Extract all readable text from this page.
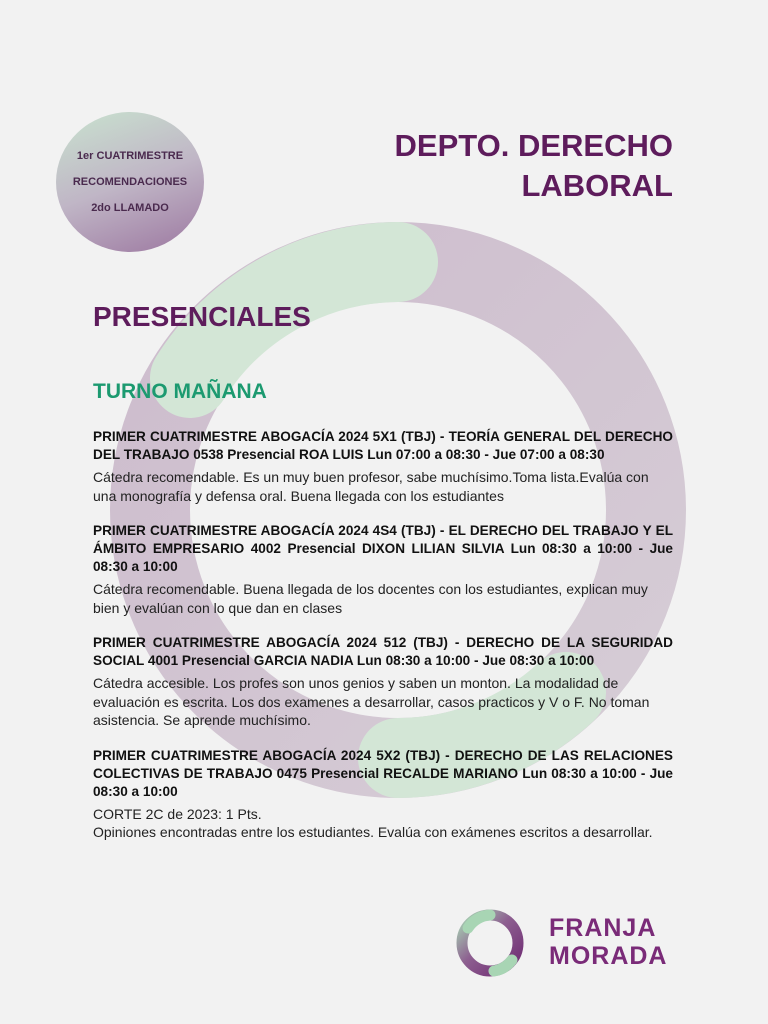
1er CUATRIMESTRE
RECOMENDACIONES
2do LLAMADO
DEPTO. DERECHO
LABORAL
PRESENCIALES
TURNO MAÑANA
PRIMER CUATRIMESTRE ABOGACÍA 2024 5X1 (TBJ) - TEORÍA GENERAL DEL DERECHO DEL TRABAJO 0538 Presencial ROA LUIS Lun 07:00 a 08:30 - Jue 07:00 a 08:30
Cátedra recomendable. Es un muy buen profesor, sabe muchísimo.Toma lista.Evalúa con una monografía y defensa oral. Buena llegada con los estudiantes
PRIMER CUATRIMESTRE ABOGACÍA 2024 4S4 (TBJ) - EL DERECHO DEL TRABAJO Y EL ÁMBITO EMPRESARIO 4002 Presencial DIXON LILIAN SILVIA Lun 08:30 a 10:00 - Jue 08:30 a 10:00
Cátedra recomendable. Buena llegada de los docentes con los estudiantes, explican muy bien y evalúan con lo que dan en clases
PRIMER CUATRIMESTRE ABOGACÍA 2024 512 (TBJ) - DERECHO DE LA SEGURIDAD SOCIAL 4001 Presencial GARCIA NADIA Lun 08:30 a 10:00 - Jue 08:30 a 10:00
Cátedra accesible. Los profes son unos genios y saben un monton. La modalidad de evaluación es escrita. Los dos examenes a desarrollar, casos practicos y V o F. No toman asistencia. Se aprende muchísimo.
PRIMER CUATRIMESTRE ABOGACÍA 2024 5X2 (TBJ) - DERECHO DE LAS RELACIONES COLECTIVAS DE TRABAJO 0475 Presencial RECALDE MARIANO Lun 08:30 a 10:00 - Jue 08:30 a 10:00
CORTE 2C de 2023: 1 Pts.
Opiniones encontradas entre los estudiantes. Evalúa con exámenes escritos a desarrollar.
FRANJA
MORADA
